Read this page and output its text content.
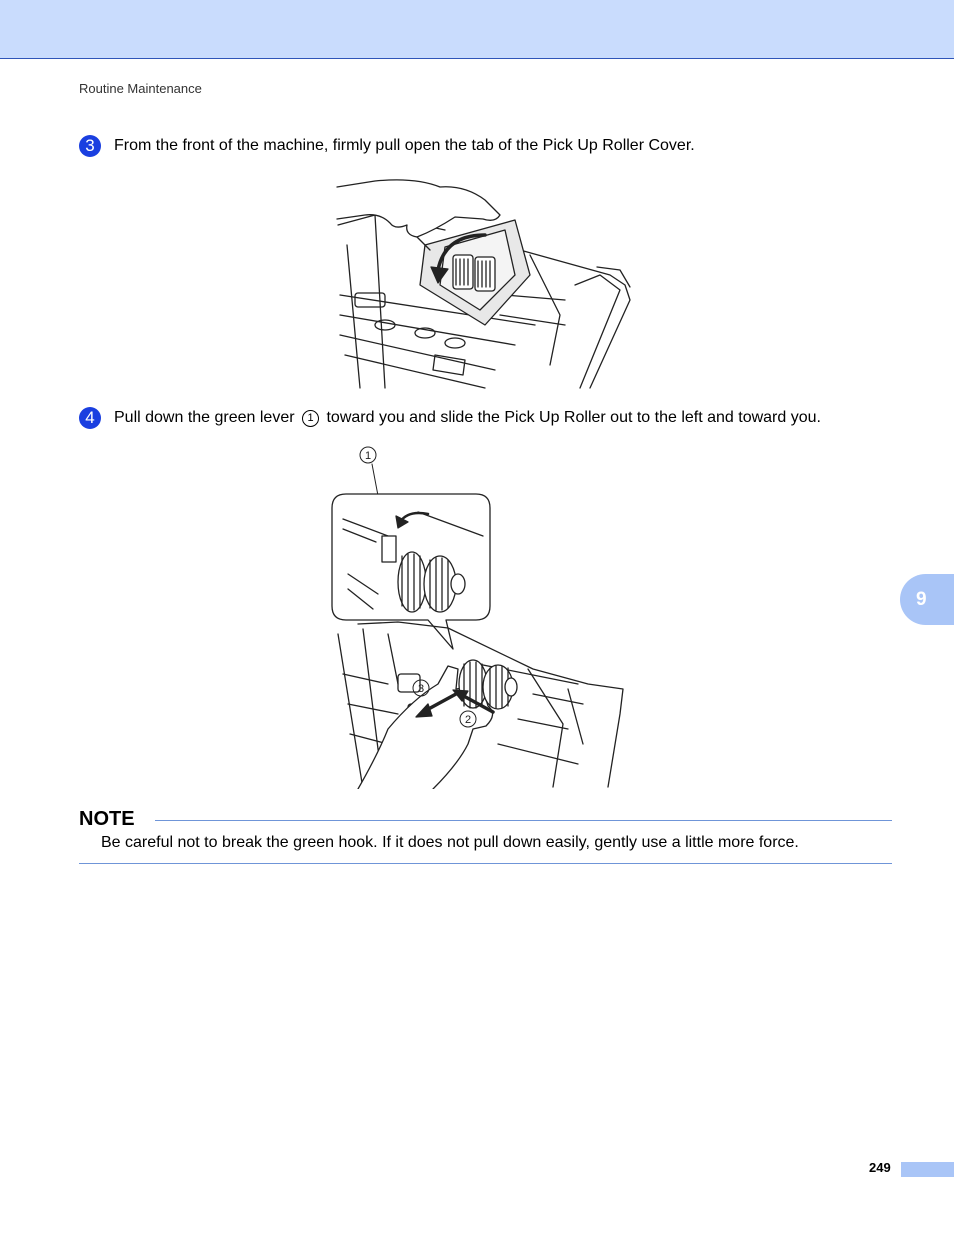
Routine Maintenance
3	From the front of the machine, firmly pull open the tab of the Pick Up Roller Cover.
4	Pull down the green lever 1 toward you and slide the Pick Up Roller out to the left and toward you.
1
2
3
NOTE
Be careful not to break the green hook. If it does not pull down easily, gently use a little more force.
9
249
